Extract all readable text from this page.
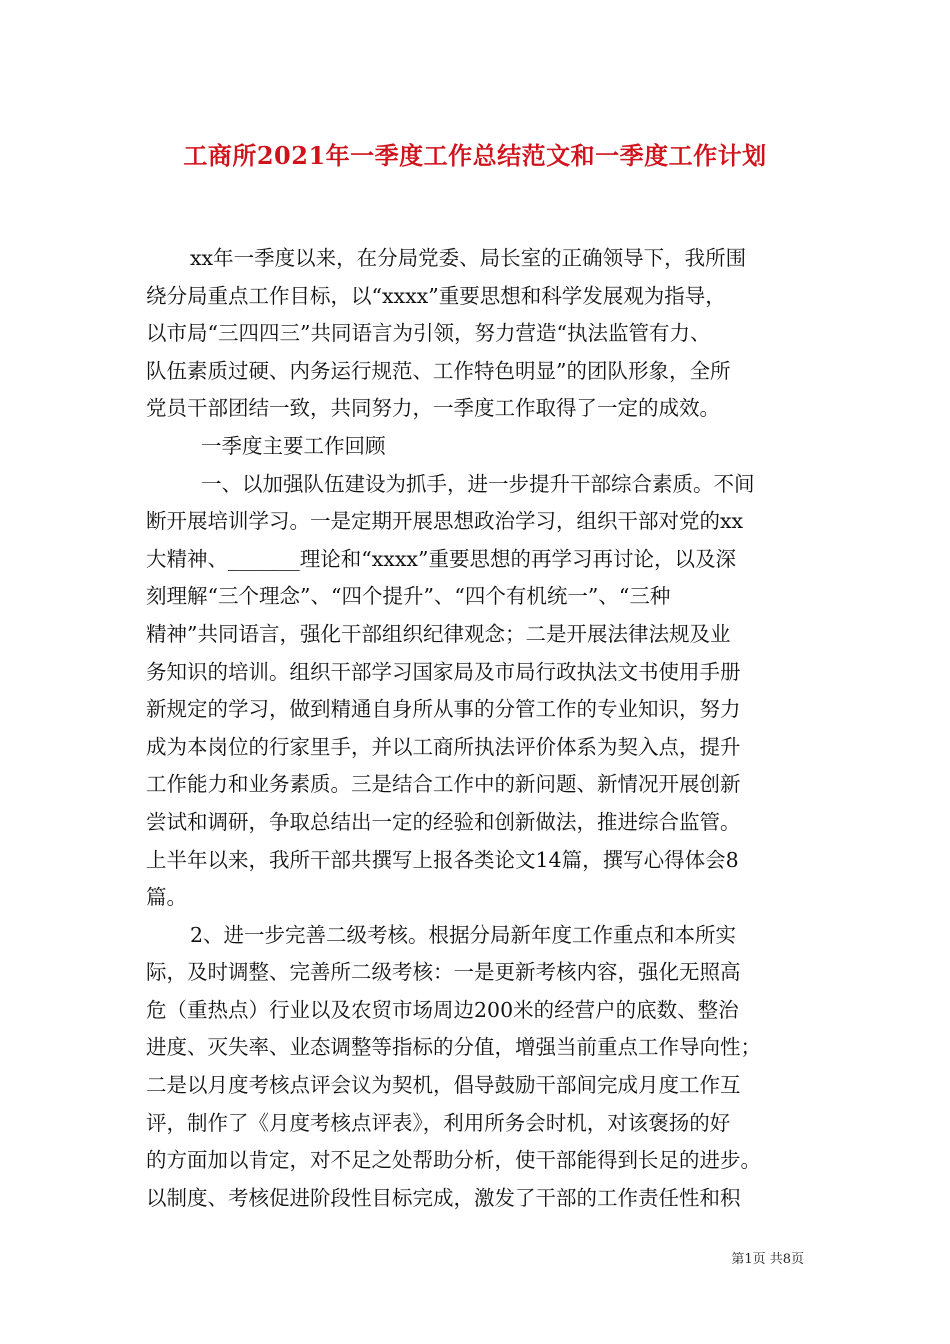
工商所2021年一季度工作总结范文和一季度工作计划
xx年一季度以来，在分局党委、局长室的正确领导下，我所围
绕分局重点工作目标，以“xxxx”重要思想和科学发展观为指导，
以市局“三四四三”共同语言为引领，努力营造“执法监管有力、
队伍素质过硬、内务运行规范、工作特色明显”的团队形象，全所
党员干部团结一致，共同努力，一季度工作取得了一定的成效。
一季度主要工作回顾
一、以加强队伍建设为抓手，进一步提升干部综合素质。不间
断开展培训学习。一是定期开展思想政治学习，组织干部对党的xx
大精神、_______理论和“xxxx”重要思想的再学习再讨论，以及深
刻理解“三个理念”、“四个提升”、“四个有机统一”、“三种
精神”共同语言，强化干部组织纪律观念；二是开展法律法规及业
务知识的培训。组织干部学习国家局及市局行政执法文书使用手册
新规定的学习，做到精通自身所从事的分管工作的专业知识，努力
成为本岗位的行家里手，并以工商所执法评价体系为契入点，提升
工作能力和业务素质。三是结合工作中的新问题、新情况开展创新
尝试和调研，争取总结出一定的经验和创新做法，推进综合监管。
上半年以来，我所干部共撰写上报各类论文14篇，撰写心得体会8
篇。
2、进一步完善二级考核。根据分局新年度工作重点和本所实
际，及时调整、完善所二级考核：一是更新考核内容，强化无照高
危（重热点）行业以及农贸市场周边200米的经营户的底数、整治
进度、灭失率、业态调整等指标的分值，增强当前重点工作导向性；
二是以月度考核点评会议为契机，倡导鼓励干部间完成月度工作互
评，制作了《月度考核点评表》，利用所务会时机，对该褒扬的好
的方面加以肯定，对不足之处帮助分析，使干部能得到长足的进步。
以制度、考核促进阶段性目标完成，激发了干部的工作责任性和积
第1页 共8页
